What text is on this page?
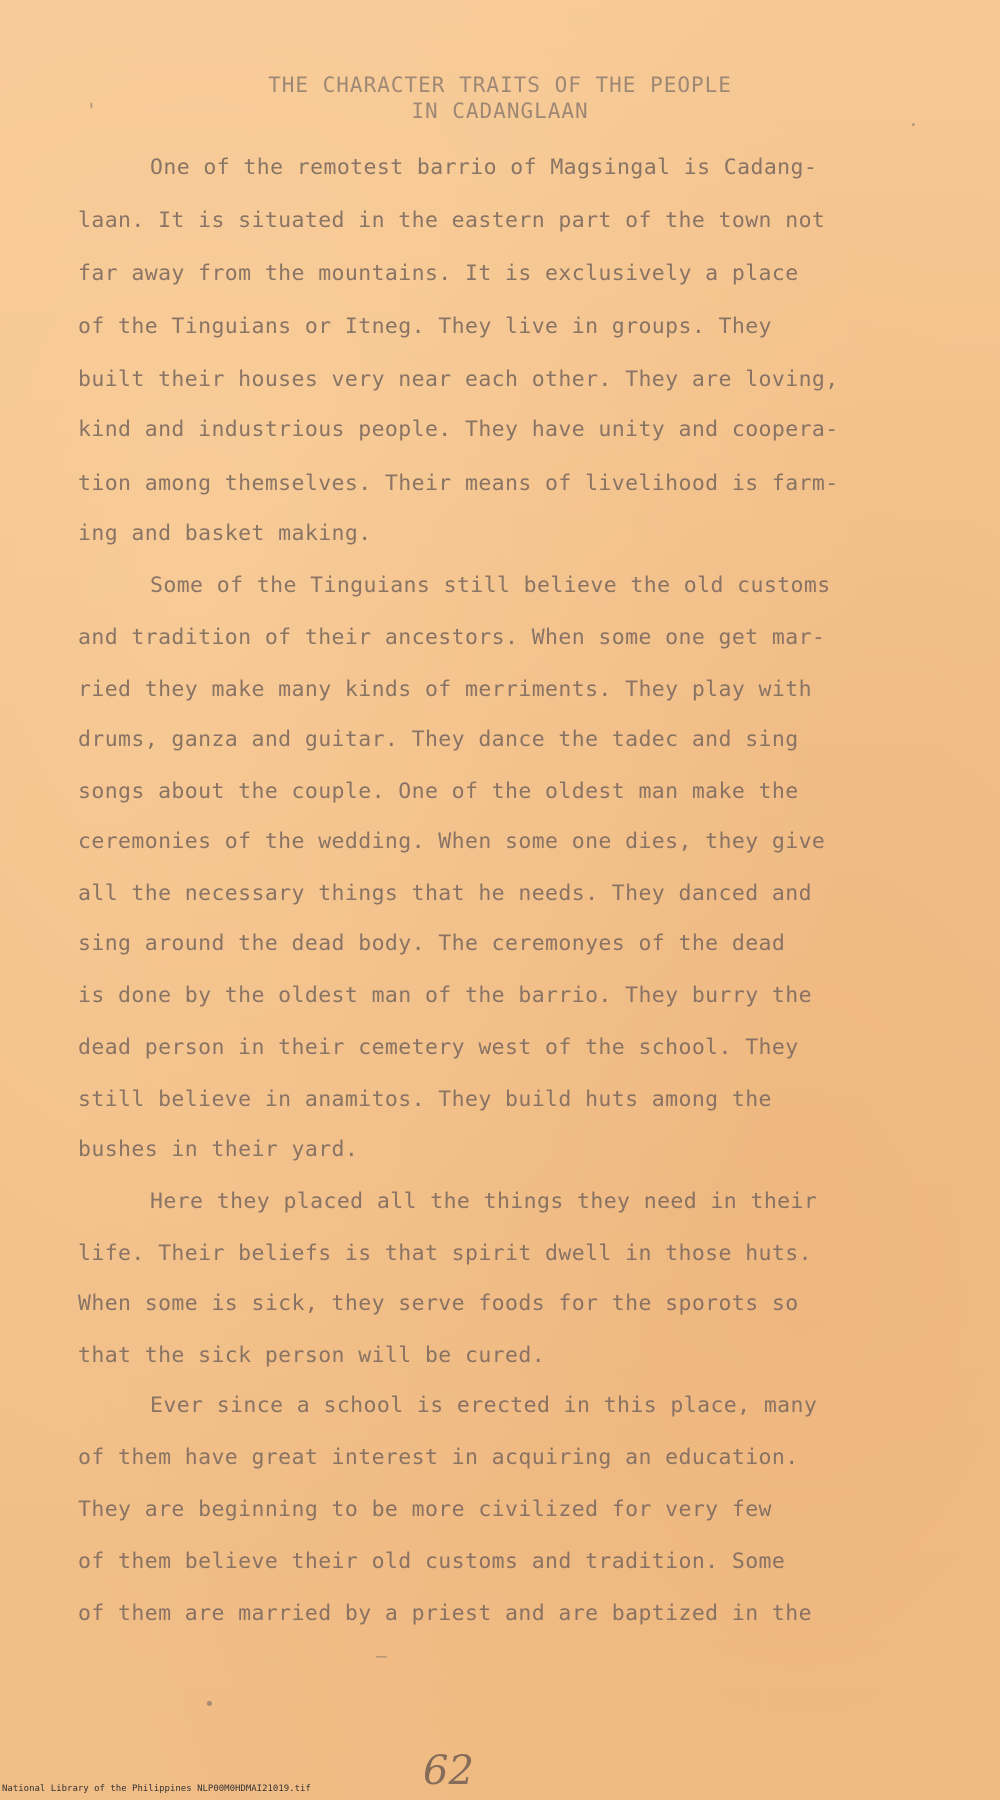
THE CHARACTER TRAITS OF THE PEOPLE
IN CADANGLAAN
'	.
One of the remotest barrio of Magsingal is Cadang-
laan. It is situated in the eastern part of the town not
far away from the mountains. It is exclusively a place
of the Tinguians or Itneg. They live in groups. They
built their houses very near each other. They are loving,
kind and industrious people. They have unity and coopera-
tion among themselves. Their means of livelihood is farm-
ing and basket making.
Some of the Tinguians still believe the old customs
and tradition of their ancestors. When some one get mar-
ried they make many kinds of merriments. They play with
drums, ganza and guitar. They dance the tadec and sing
songs about the couple. One of the oldest man make the
ceremonies of the wedding. When some one dies, they give
all the necessary things that he needs. They danced and
sing around the dead body. The ceremonyes of the dead
is done by the oldest man of the barrio. They burry the
dead person in their cemetery west of the school. They
still believe in anamitos. They build huts among the
bushes in their yard.
Here they placed all the things they need in their
life. Their beliefs is that spirit dwell in those huts.
When some is sick, they serve foods for the sporots so
that the sick person will be cured.
Ever since a school is erected in this place, many
of them have great interest in acquiring an education.
They are beginning to be more civilized for very few
of them believe their old customs and tradition. Some
of them are married by a priest and are baptized in the
—
•
62
National Library of the Philippines NLP00M0HDMAI21019.tif
